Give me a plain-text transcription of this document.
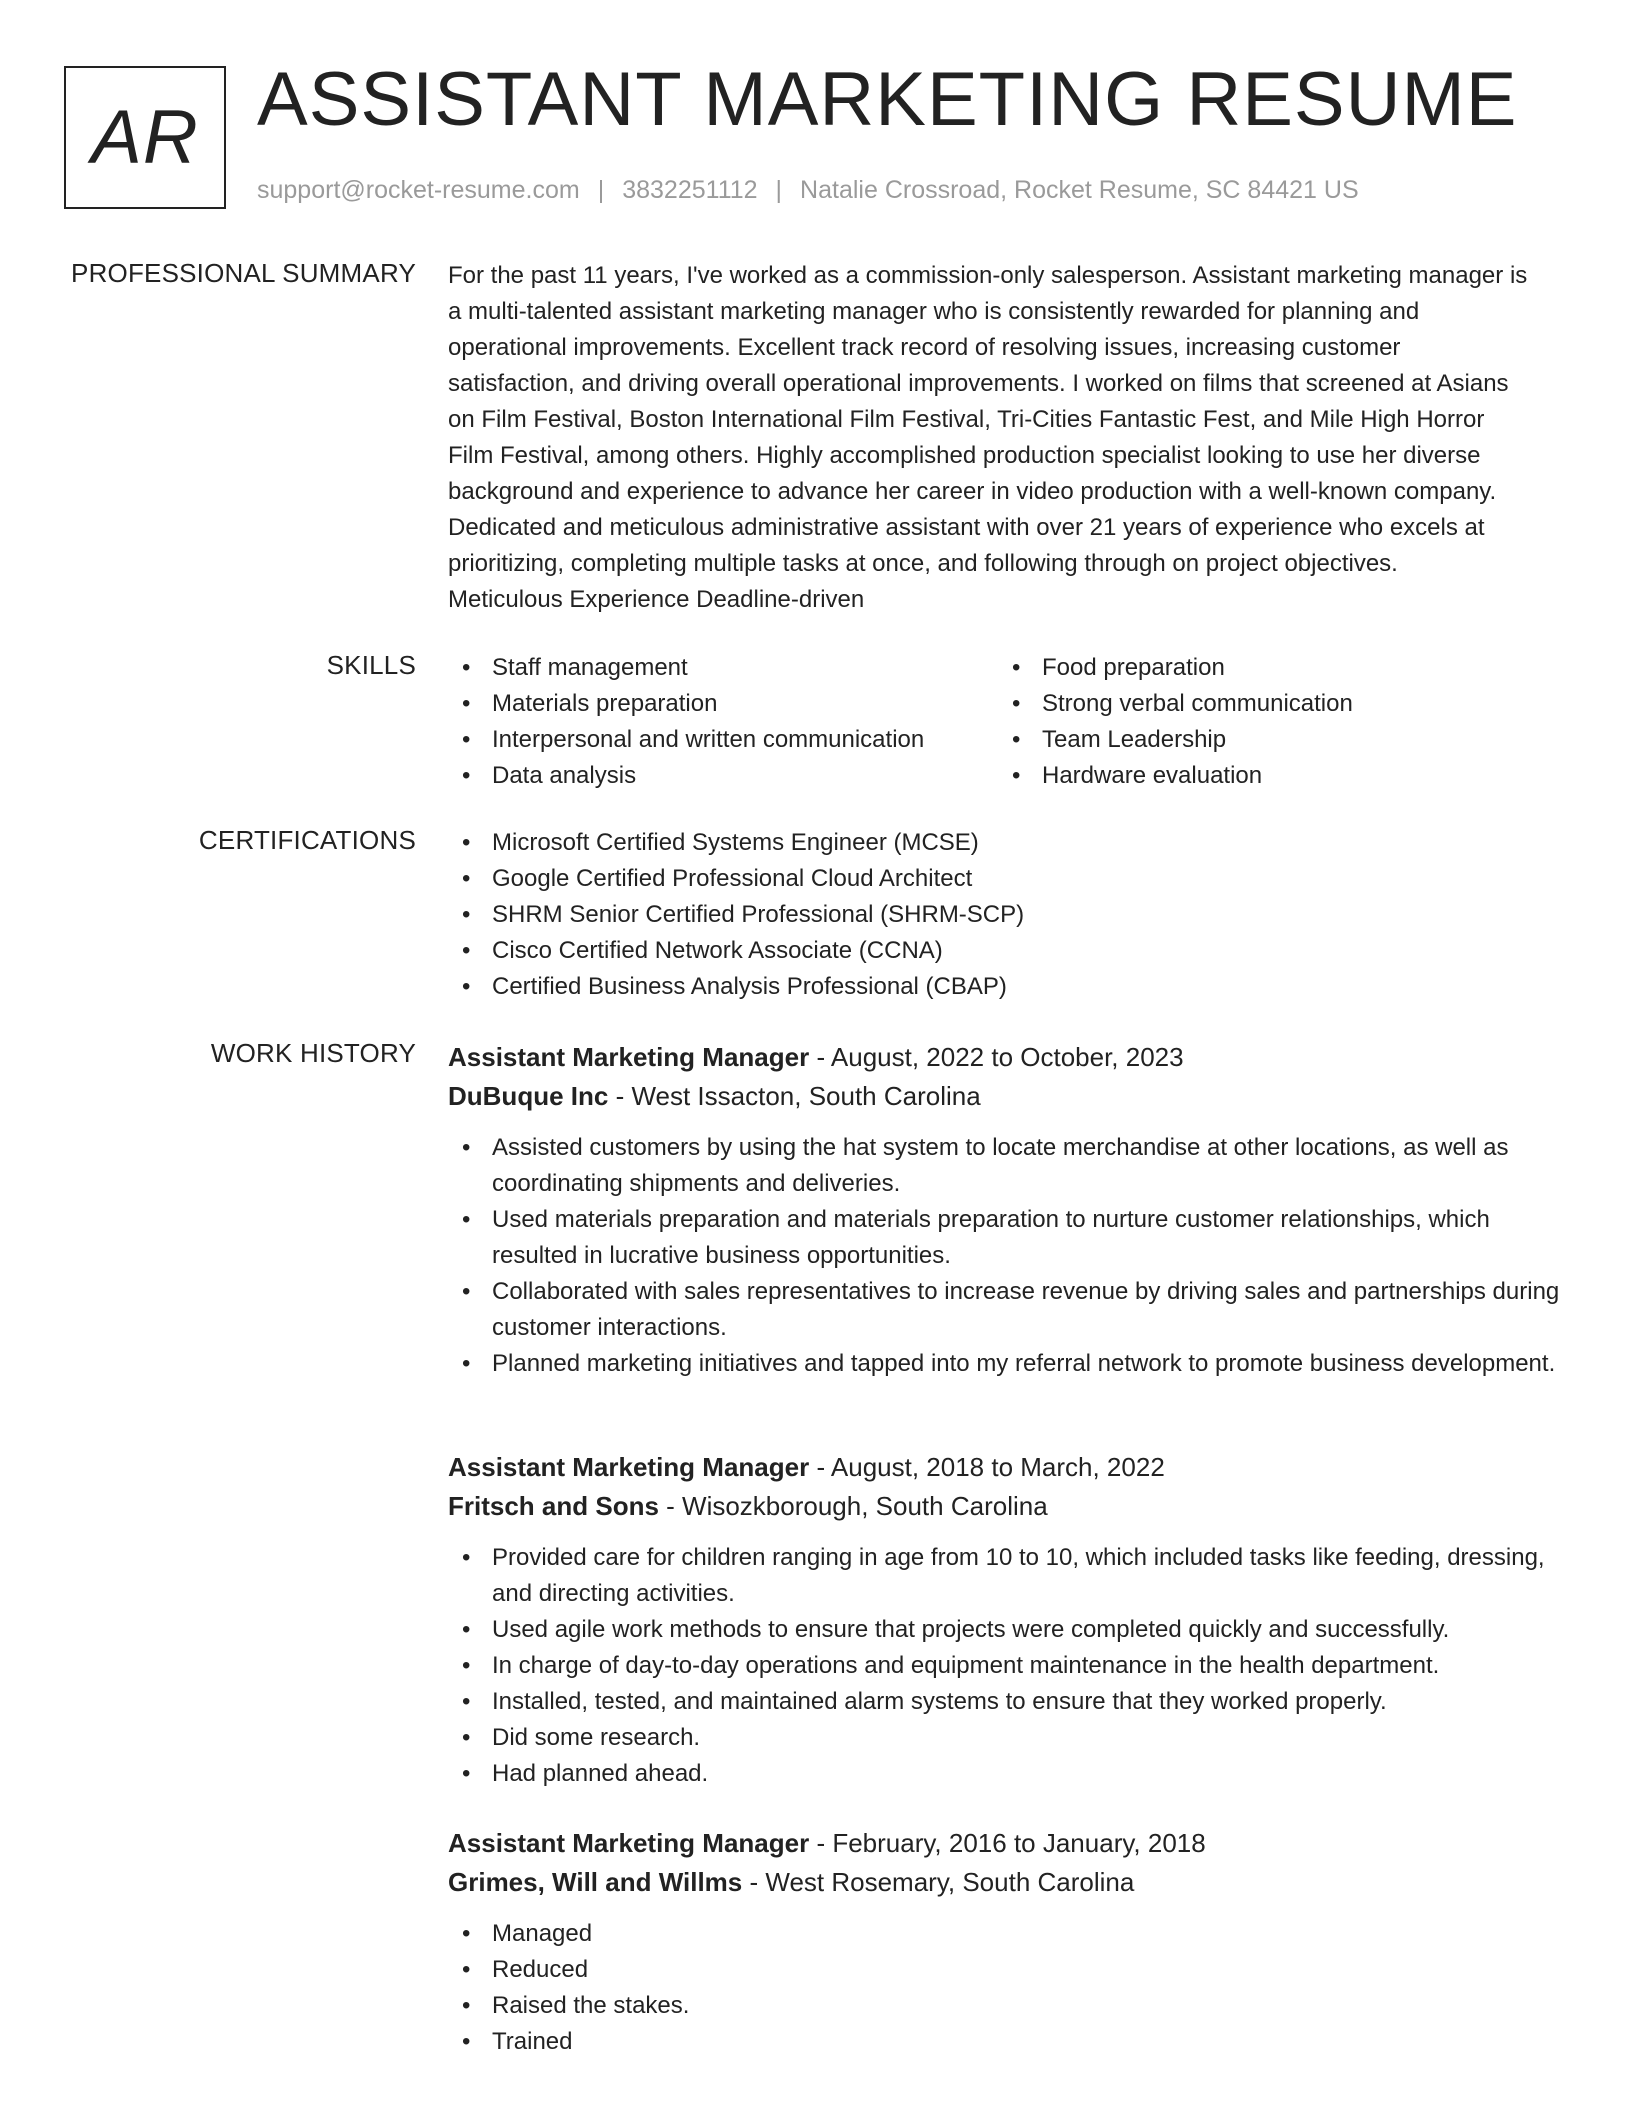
AR ASSISTANT MARKETING RESUME
support@rocket-resume.com | 3832251112 | Natalie Crossroad, Rocket Resume, SC 84421 US
PROFESSIONAL SUMMARY For the past 11 years, I've worked as a commission-only salesperson. Assistant marketing manager is
a multi-talented assistant marketing manager who is consistently rewarded for planning and
operational improvements. Excellent track record of resolving issues, increasing customer
satisfaction, and driving overall operational improvements. I worked on films that screened at Asians
on Film Festival, Boston International Film Festival, Tri-Cities Fantastic Fest, and Mile High Horror
Film Festival, among others. Highly accomplished production specialist looking to use her diverse
background and experience to advance her career in video production with a well-known company.
Dedicated and meticulous administrative assistant with over 21 years of experience who excels at
prioritizing, completing multiple tasks at once, and following through on project objectives.
Meticulous Experience Deadline-driven
SKILLS	• Staff management
• Materials preparation
• Interpersonal and written communication
• Data analysis
• Food preparation
• Strong verbal communication
• Team Leadership
• Hardware evaluation
CERTIFICATIONS	• Microsoft Certified Systems Engineer (MCSE)
• Google Certified Professional Cloud Architect
• SHRM Senior Certified Professional (SHRM-SCP)
• Cisco Certified Network Associate (CCNA)
• Certified Business Analysis Professional (CBAP)
WORK HISTORY Assistant Marketing Manager - August, 2022 to October, 2023
DuBuque Inc - West Issacton, South Carolina
• Assisted customers by using the hat system to locate merchandise at other locations, as well as coordinating shipments and deliveries.
• Used materials preparation and materials preparation to nurture customer relationships, which resulted in lucrative business opportunities.
• Collaborated with sales representatives to increase revenue by driving sales and partnerships during customer interactions.
• Planned marketing initiatives and tapped into my referral network to promote business development.
Assistant Marketing Manager - August, 2018 to March, 2022
Fritsch and Sons - Wisozkborough, South Carolina
• Provided care for children ranging in age from 10 to 10, which included tasks like feeding, dressing, and directing activities.
• Used agile work methods to ensure that projects were completed quickly and successfully.
• In charge of day-to-day operations and equipment maintenance in the health department.
• Installed, tested, and maintained alarm systems to ensure that they worked properly.
• Did some research.
• Had planned ahead.
Assistant Marketing Manager - February, 2016 to January, 2018
Grimes, Will and Willms - West Rosemary, South Carolina
• Managed
• Reduced
• Raised the stakes.
• Trained
